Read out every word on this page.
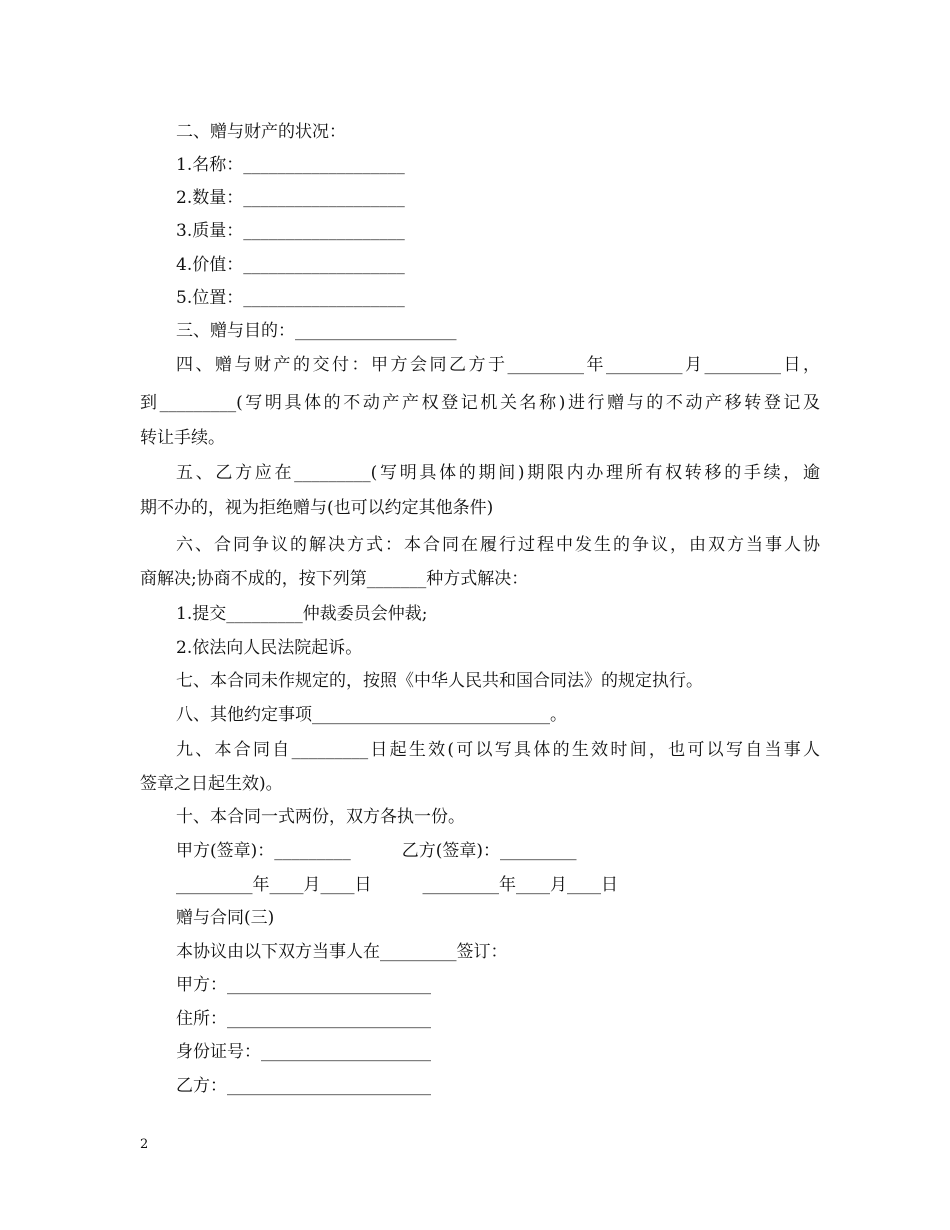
二、赠与财产的状况：
1.名称：___________________
2.数量：___________________
3.质量：___________________
4.价值：___________________
5.位置：___________________
三、赠与目的：___________________
四、赠与财产的交付：甲方会同乙方于_________年_________月_________日，
到_________(写明具体的不动产产权登记机关名称)进行赠与的不动产移转登记及
转让手续。
五、乙方应在_________(写明具体的期间)期限内办理所有权转移的手续，逾
期不办的，视为拒绝赠与(也可以约定其他条件)
六、合同争议的解决方式：本合同在履行过程中发生的争议，由双方当事人协
商解决;协商不成的，按下列第_______种方式解决：
1.提交_________仲裁委员会仲裁;
2.依法向人民法院起诉。
七、本合同未作规定的，按照《中华人民共和国合同法》的规定执行。
八、其他约定事项____________________________。
九、本合同自_________日起生效(可以写具体的生效时间，也可以写自当事人
签章之日起生效)。
十、本合同一式两份，双方各执一份。
甲方(签章)：_________　　　乙方(签章)：_________
_________年____月____日　　　_________年____月____日
赠与合同(三)
本协议由以下双方当事人在_________签订：
甲方：________________________
住所：________________________
身份证号：____________________
乙方：________________________
2
